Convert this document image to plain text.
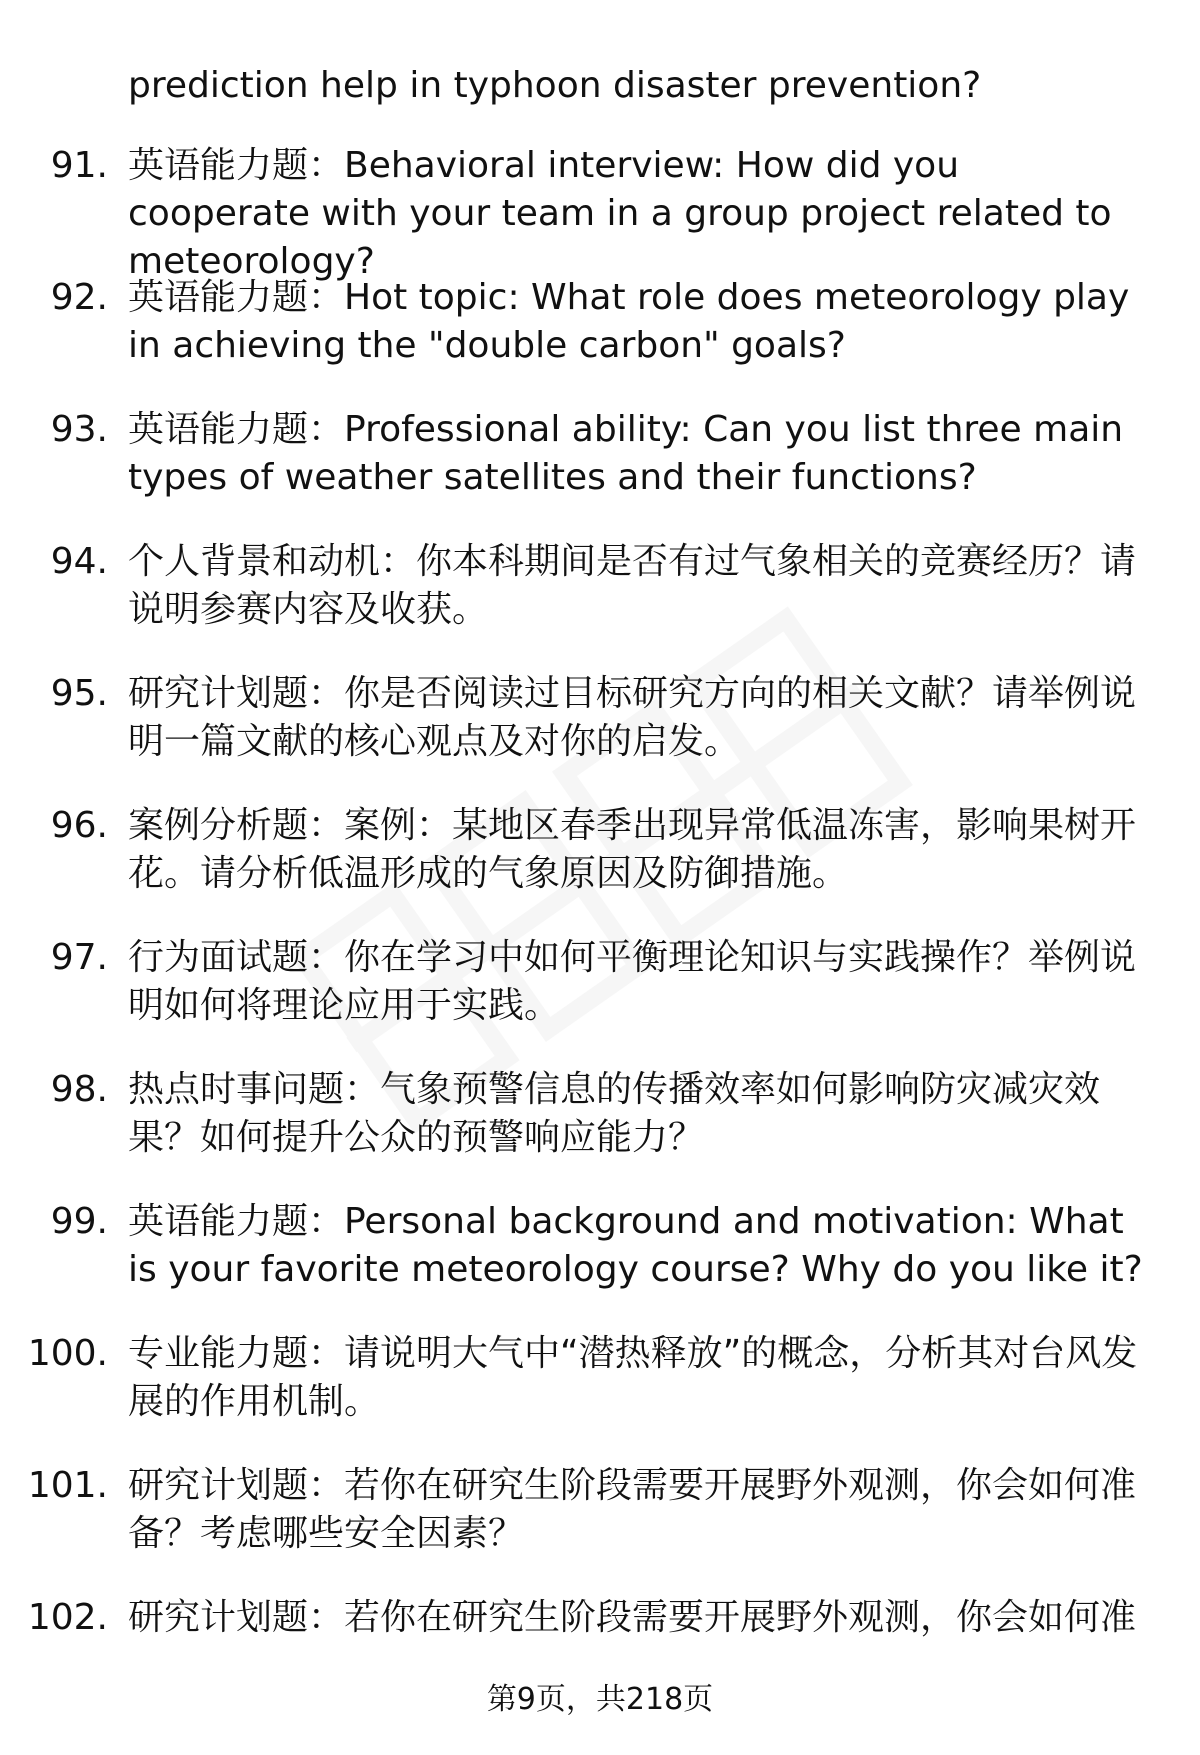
prediction help in typhoon disaster prevention?

91. 英语能力题：Behavioral interview: How did you cooperate with your team in a group project related to meteorology?
92. 英语能力题：Hot topic: What role does meteorology play in achieving the "double carbon" goals?
93. 英语能力题：Professional ability: Can you list three main types of weather satellites and their functions?
94. 个人背景和动机：你本科期间是否有过气象相关的竞赛经历？请说明参赛内容及收获。
95. 研究计划题：你是否阅读过目标研究方向的相关文献？请举例说明一篇文献的核心观点及对你的启发。
96. 案例分析题：案例：某地区春季出现异常低温冻害，影响果树开花。请分析低温形成的气象原因及防御措施。
97. 行为面试题：你在学习中如何平衡理论知识与实践操作？举例说明如何将理论应用于实践。
98. 热点时事问题：气象预警信息的传播效率如何影响防灾减灾效果？如何提升公众的预警响应能力？
99. 英语能力题：Personal background and motivation: What is your favorite meteorology course? Why do you like it?
100. 专业能力题：请说明大气中“潜热释放”的概念，分析其对台风发展的作用机制。
101. 研究计划题：若你在研究生阶段需要开展野外观测，你会如何准备？考虑哪些安全因素？
102. 研究计划题：若你在研究生阶段需要开展野外观测，你会如何准
第9页，共218页
